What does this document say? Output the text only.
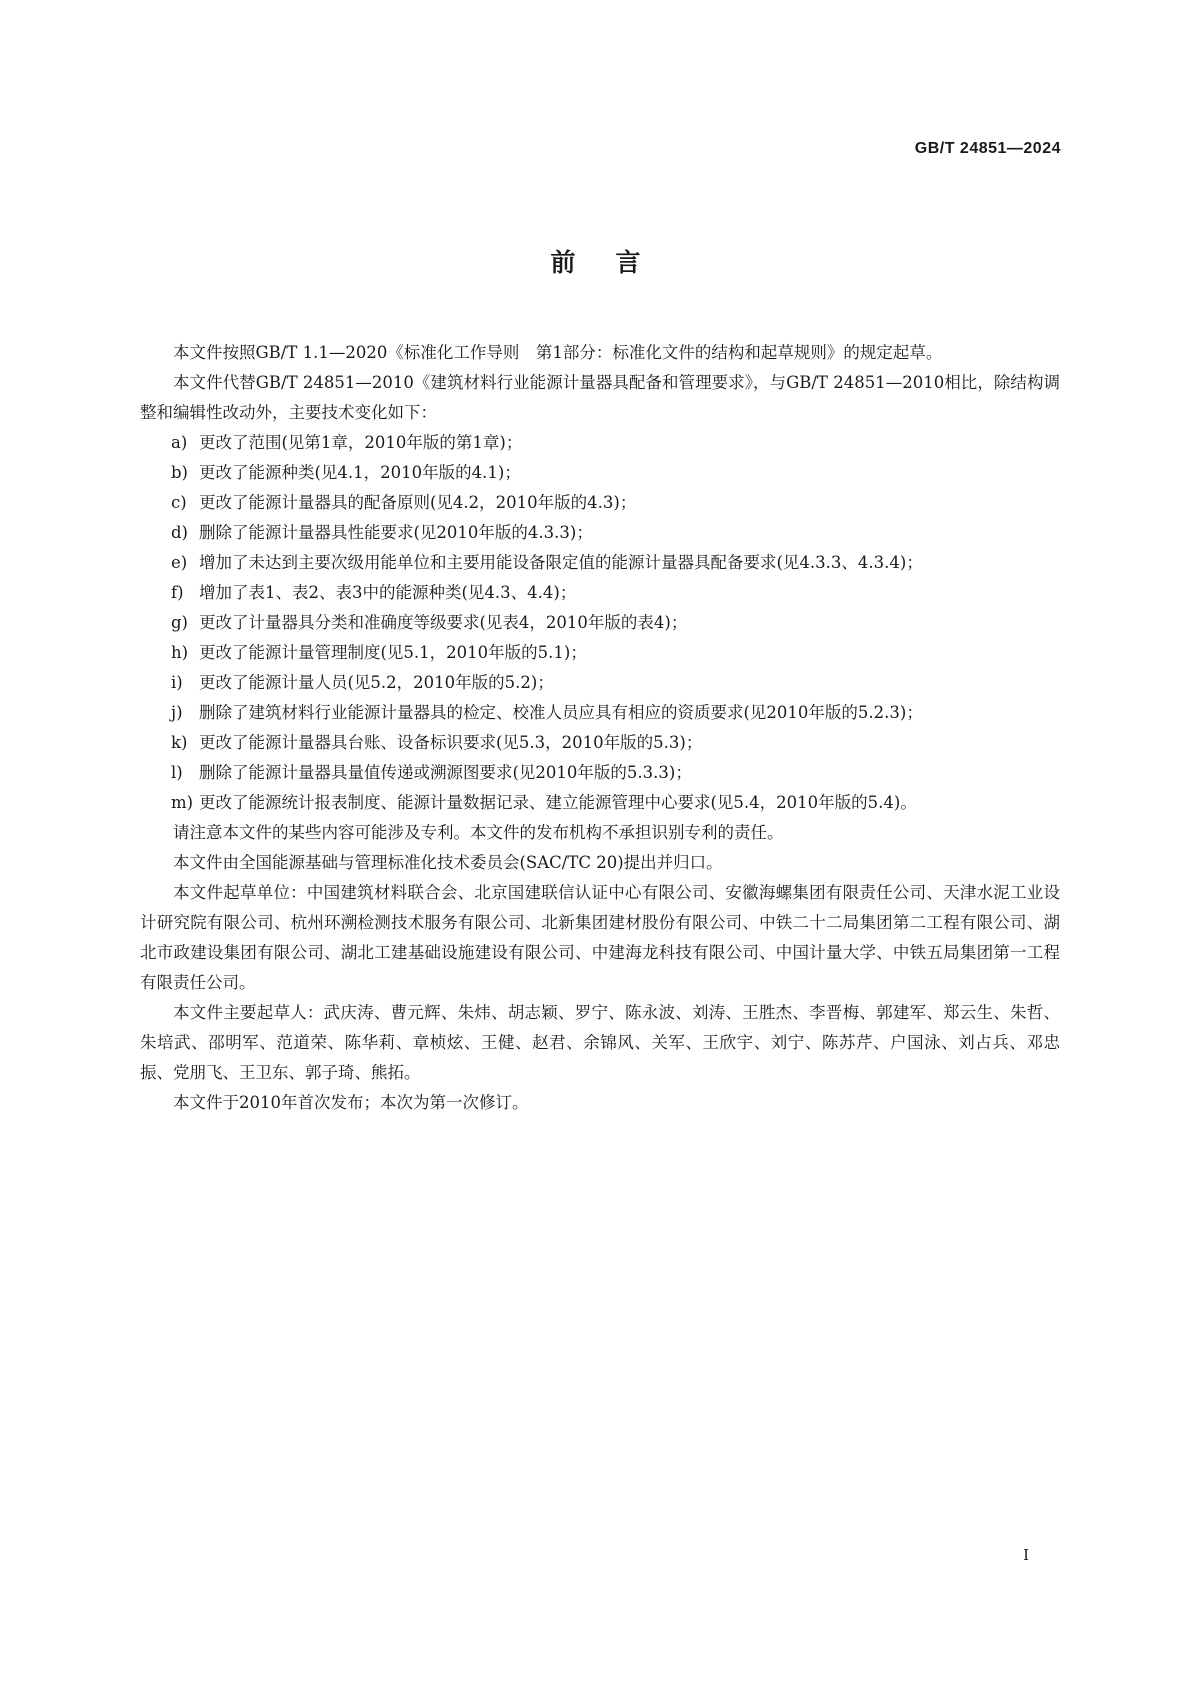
GB/T 24851—2024
前言

本文件按照GB/T 1.1—2020《标准化工作导则　第1部分：标准化文件的结构和起草规则》的规定起草。

本文件代替GB/T 24851—2010《建筑材料行业能源计量器具配备和管理要求》，与GB/T 24851—2010相比，除结构调整和编辑性改动外，主要技术变化如下：

a) 更改了范围(见第1章，2010年版的第1章)；
b) 更改了能源种类(见4.1，2010年版的4.1)；
c) 更改了能源计量器具的配备原则(见4.2，2010年版的4.3)；
d) 删除了能源计量器具性能要求(见2010年版的4.3.3)；
e) 增加了未达到主要次级用能单位和主要用能设备限定值的能源计量器具配备要求(见4.3.3、4.3.4)；
f) 增加了表1、表2、表3中的能源种类(见4.3、4.4)；
g) 更改了计量器具分类和准确度等级要求(见表4，2010年版的表4)；
h) 更改了能源计量管理制度(见5.1，2010年版的5.1)；
i) 更改了能源计量人员(见5.2，2010年版的5.2)；
j) 删除了建筑材料行业能源计量器具的检定、校准人员应具有相应的资质要求(见2010年版的5.2.3)；
k) 更改了能源计量器具台账、设备标识要求(见5.3，2010年版的5.3)；
l) 删除了能源计量器具量值传递或溯源图要求(见2010年版的5.3.3)；
m) 更改了能源统计报表制度、能源计量数据记录、建立能源管理中心要求(见5.4，2010年版的5.4)。

请注意本文件的某些内容可能涉及专利。本文件的发布机构不承担识别专利的责任。

本文件由全国能源基础与管理标准化技术委员会(SAC/TC 20)提出并归口。

本文件起草单位：中国建筑材料联合会、北京国建联信认证中心有限公司、安徽海螺集团有限责任公司、天津水泥工业设计研究院有限公司、杭州环溯检测技术服务有限公司、北新集团建材股份有限公司、中铁二十二局集团第二工程有限公司、湖北市政建设集团有限公司、湖北工建基础设施建设有限公司、中建海龙科技有限公司、中国计量大学、中铁五局集团第一工程有限责任公司。

本文件主要起草人：武庆涛、曹元辉、朱炜、胡志颖、罗宁、陈永波、刘涛、王胜杰、李晋梅、郭建军、郑云生、朱哲、朱培武、邵明军、范道荣、陈华莉、章桢炫、王健、赵君、余锦风、关军、王欣宇、刘宁、陈苏芹、户国泳、刘占兵、邓忠振、党朋飞、王卫东、郭子琦、熊拓。

本文件于2010年首次发布；本次为第一次修订。

I
